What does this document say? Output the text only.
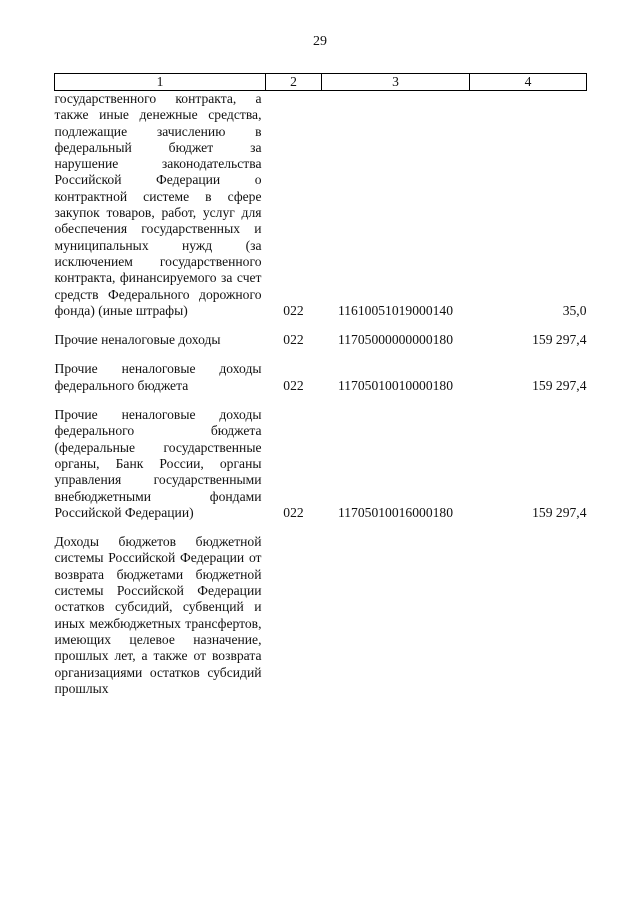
29
1	2	3	4
государственного контракта, а также иные денежные средства, подлежащие зачислению в федеральный бюджет за нарушение законодательства Российской Федерации о контрактной системе в сфере закупок товаров, работ, услуг для обеспечения государственных и муниципальных нужд (за исключением государственного контракта, финансируемого за счет средств Федерального дорожного фонда) (иные штрафы)	022	11610051019000140	35,0

Прочие неналоговые доходы	022	11705000000000180	159 297,4

Прочие неналоговые доходы федерального бюджета	022	11705010010000180	159 297,4

Прочие неналоговые доходы федерального бюджета (федеральные государственные органы, Банк России, органы управления государственными внебюджетными фондами Российской Федерации)	022	11705010016000180	159 297,4

Доходы бюджетов бюджетной системы Российской Федерации от возврата бюджетами бюджетной системы Российской Федерации остатков субсидий, субвенций и иных межбюджетных трансфертов, имеющих целевое назначение, прошлых лет, а также от возврата организациями остатков субсидий прошлых			
